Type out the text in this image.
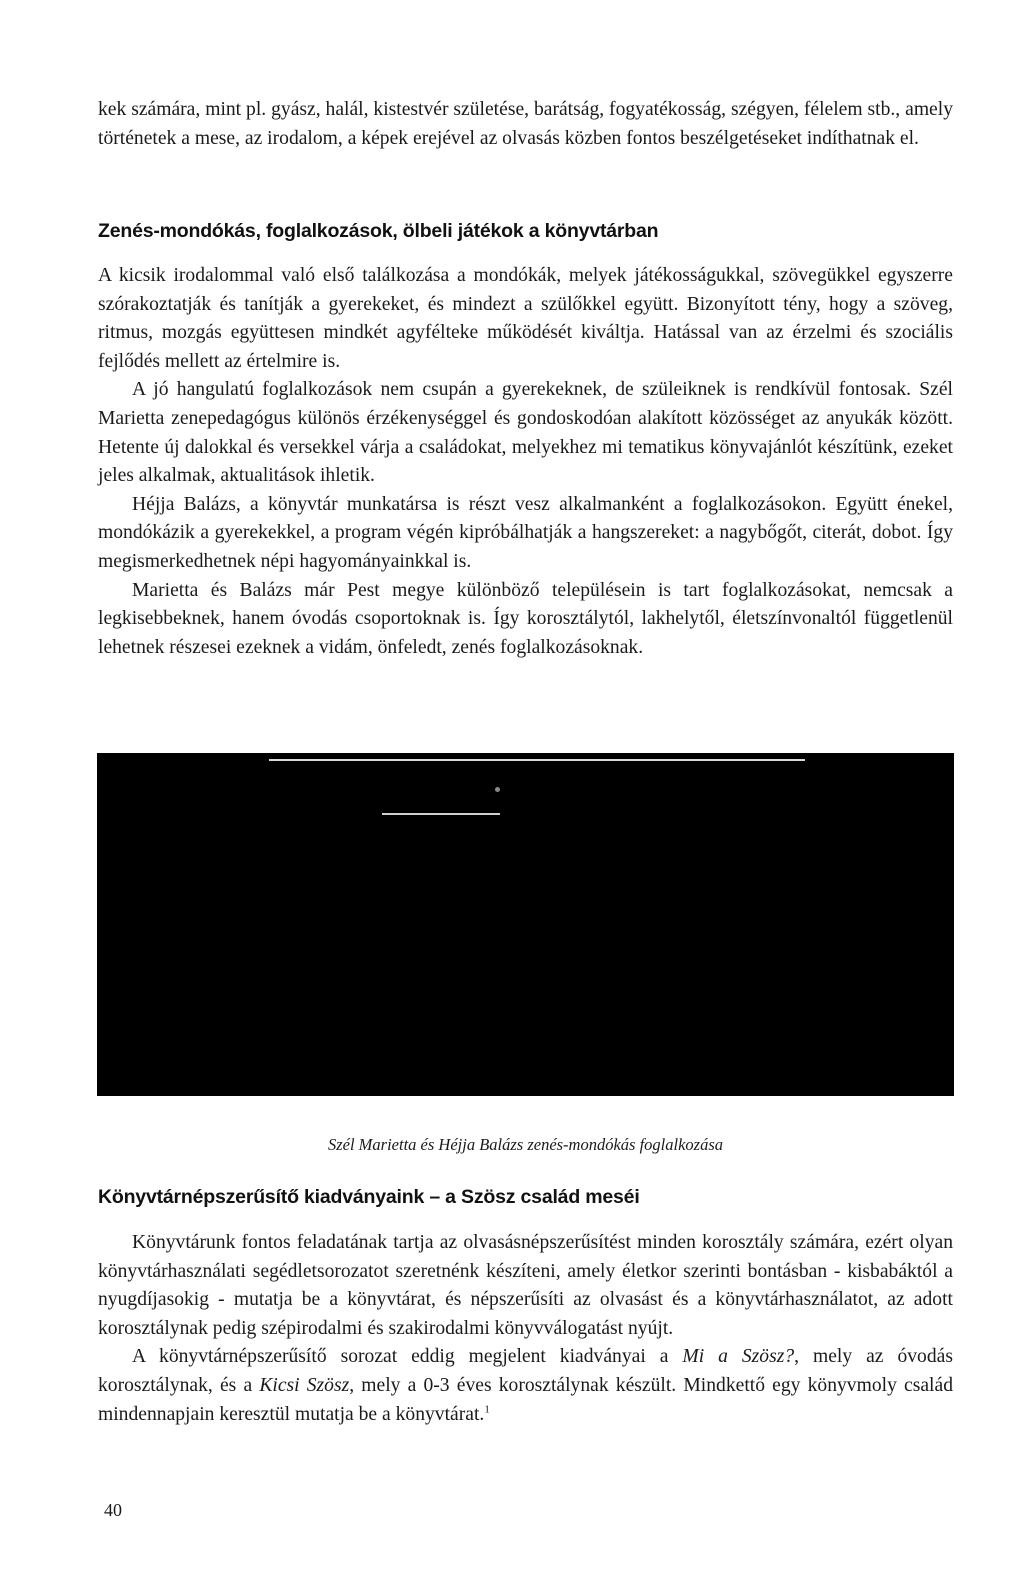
kek számára, mint pl. gyász, halál, kistestvér születése, barátság, fogyatékosság, szégyen, félelem stb., amely történetek a mese, az irodalom, a képek erejével az olvasás közben fontos beszélgetéseket indíthatnak el.

Zenés-mondókás, foglalkozások, ölbeli játékok a könyvtárban

A kicsik irodalommal való első találkozása a mondókák, melyek játékosságukkal, szövegükkel egyszerre szórakoztatják és tanítják a gyerekeket, és mindezt a szülőkkel együtt. Bizonyított tény, hogy a szöveg, ritmus, mozgás együttesen mindkét agyféltekе működését kiváltja. Hatással van az érzelmi és szociális fejlődés mellett az értelmire is.

A jó hangulatú foglalkozások nem csupán a gyerekeknek, de szüleiknek is rendkívül fontosak. Szél Marietta zenepedagógus különös érzékenységgel és gondoskodóan alakított közösséget az anyukák között. Hetente új dalokkal és versekkel várja a családokat, melyekhez mi tematikus könyvajánlót készítünk, ezeket jeles alkalmak, aktualitások ihletik.

Héjja Balázs, a könyvtár munkatársa is részt vesz alkalmanként a foglalkozásokon. Együtt énekel, mondókázik a gyerekekkel, a program végén kipróbálhatják a hangszereket: a nagybőgőt, citerát, dobot. Így megismerkedhetnek népi hagyományainkkal is.

Marietta és Balázs már Pest megye különböző településein is tart foglalkozásokat, nemcsak a legkisebbeknek, hanem óvodás csoportoknak is. Így korosztálytól, lakhelytől, életszínvonaltól függetlenül lehetnek részesei ezeknek a vidám, önfeledt, zenés foglalkozásoknak.

Szél Marietta és Héjja Balázs zenés-mondókás foglalkozása
Könyvtárnépszerűsítő kiadványaink – a Szösz család meséi

Könyvtárunk fontos feladatának tartja az olvasásnépszerűsítést minden korosztály számára, ezért olyan könyvtárhasználati segédletsorozatot szeretnénk készíteni, amely életkor szerinti bontásban - kisbabáktól a nyugdíjasokig - mutatja be a könyvtárat, és népszerűsíti az olvasást és a könyvtárhasználatot, az adott korosztálynak pedig szépirodalmi és szakirodalmi könyvválogatást nyújt.

A könyvtárnépszerűsítő sorozat eddig megjelent kiadványai a Mi a Szösz?, mely az óvodás korosztálynak, és a Kicsi Szösz, mely a 0-3 éves korosztálynak készült. Mindkettő egy könyvmoly család mindennapjain keresztül mutatja be a könyvtárat.$^1$

40
